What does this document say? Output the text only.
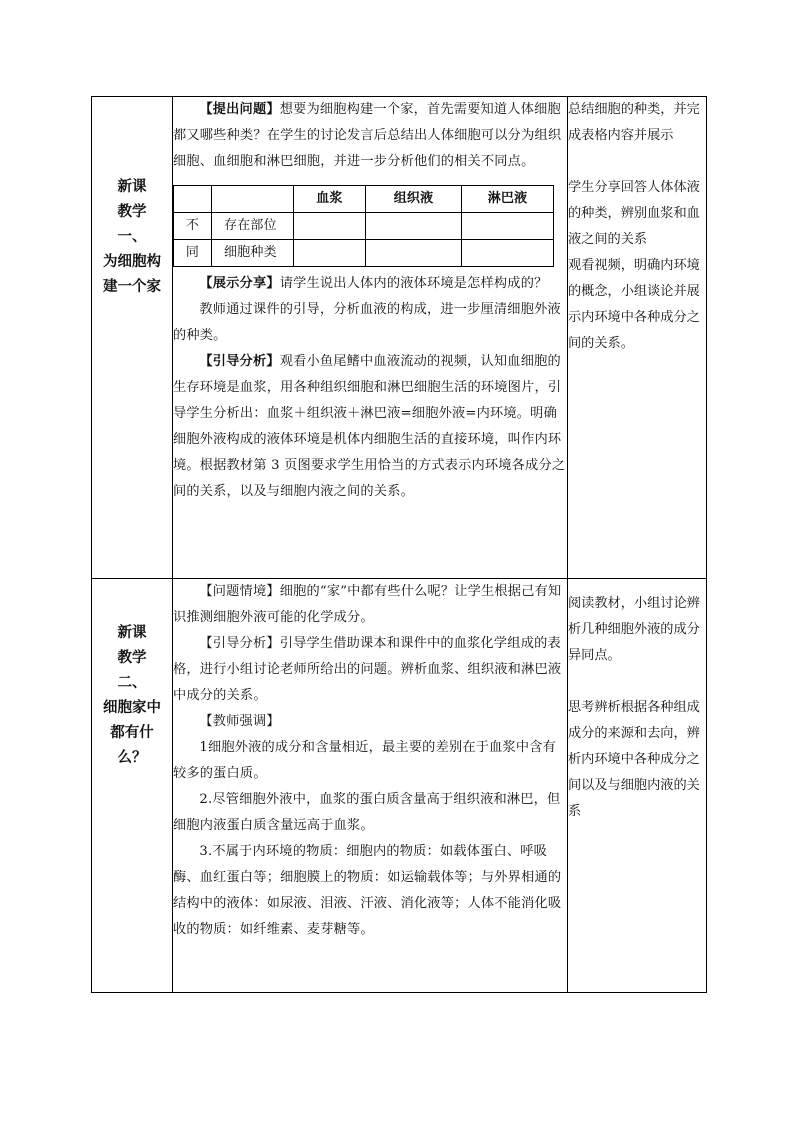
新课
教学
一、
为细胞构
建一个家

【提出问题】想要为细胞构建一个家，首先需要知道人体细胞都又哪些种类？在学生的讨论发言后总结出人体细胞可以分为组织细胞、血细胞和淋巴细胞，并进一步分析他们的相关不同点。

		血浆	组织液	淋巴液
不	存在部位			
同	细胞种类			

【展示分享】请学生说出人体内的液体环境是怎样构成的？

教师通过课件的引导，分析血液的构成，进一步厘清细胞外液的种类。

【引导分析】观看小鱼尾鳍中血液流动的视频，认知血细胞的生存环境是血浆，用各种组织细胞和淋巴细胞生活的环境图片，引导学生分析出：血浆＋组织液＋淋巴液=细胞外液=内环境。明确细胞外液构成的液体环境是机体内细胞生活的直接环境，叫作内环境。根据教材第 3 页图要求学生用恰当的方式表示内环境各成分之间的关系，以及与细胞内液之间的关系。

总结细胞的种类，并完成表格内容并展示

学生分享回答人体体液的种类，辨别血浆和血液之间的关系

观看视频，明确内环境的概念，小组谈论并展示内环境中各种成分之间的关系。

新课
教学
二、
细胞家中
都有什
么？

【问题情境】细胞的“家”中都有些什么呢？让学生根据己有知识推测细胞外液可能的化学成分。

【引导分析】引导学生借助课本和课件中的血浆化学组成的表格，进行小组讨论老师所给出的问题。辨析血浆、组织液和淋巴液中成分的关系。

【教师强调】

1细胞外液的成分和含量相近，最主要的差别在于血浆中含有较多的蛋白质。

2.尽管细胞外液中，血浆的蛋白质含量高于组织液和淋巴，但细胞内液蛋白质含量远高于血浆。

3.不属于内环境的物质：细胞内的物质：如载体蛋白、呼吸酶、血红蛋白等；细胞膜上的物质：如运输载体等；与外界相通的结构中的液体：如尿液、泪液、汗液、消化液等；人体不能消化吸收的物质：如纤维素、麦芽糖等。

阅读教材，小组讨论辨析几种细胞外液的成分异同点。

思考辨析根据各种组成成分的来源和去向，辨析内环境中各种成分之间以及与细胞内液的关系
